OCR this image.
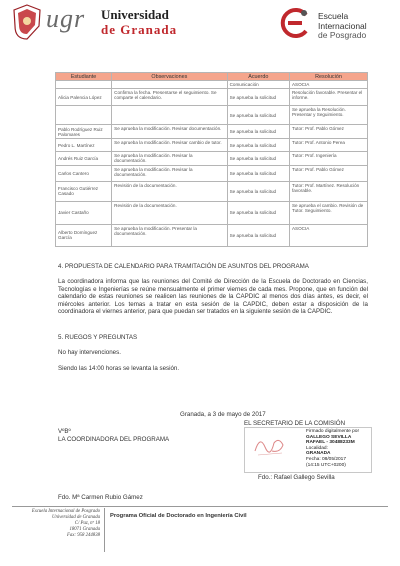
ugr Universidad
de Granada
Escuela
Internacional
de Posgrado
Estudiante	Observaciones	Acuerdo	Resolución
		Comunicación	ASOCIA
Alicia Palencia López	Confirma la fecha. Presentarse el seguimiento. Se comparte el calendario.	Se aprueba la solicitud	Resolución favorable. Presentar el informe.
		Se aprueba la solicitud	Se aprueba la Resolución. Presentar y Seguimiento.
Pablo Rodríguez Ruiz Palomares	Se aprueba la modificación. Revisar documentación.	Se aprueba la solicitud	Tutor: Prof. Pablo Gómez
Pedro L. Martínez	Se aprueba la modificación. Revisar cambio de tutor.	Se aprueba la solicitud	Tutor: Prof. Antonio Perea
Andrés Ruiz García	Se aprueba la modificación. Revisar la documentación.	Se aprueba la solicitud	Tutor: Prof. Ingeniería
Carlos Cantero	Se aprueba la modificación. Revisar la documentación.	Se aprueba la solicitud	Tutor: Prof. Pablo Gómez
Francisco Gutiérrez Casado	Revisión de la documentación.	Se aprueba la solicitud	Tutor: Prof. Martínez. Resolución favorable.
Javier Castaño	Revisión de la documentación.	Se aprueba la solicitud	Se aprueba el cambio. Revisión de Tutor. Seguimiento.
Alberto Domínguez García	Se aprueba la modificación. Presentar la documentación.	Se aprueba la solicitud	ASOCIA
4. PROPUESTA DE CALENDARIO PARA TRAMITACIÓN DE ASUNTOS DEL PROGRAMA
La coordinadora informa que las reuniones del Comité de Dirección de la Escuela de Doctorado en Ciencias, Tecnologías e Ingenierías se reúne mensualmente el primer viernes de cada mes. Propone, que en función del calendario de estas reuniones se realicen las reuniones de la CAPDIC al menos dos días antes, es decir, el miércoles anterior. Los temas a tratar en esta sesión de la CAPDIC, deben estar a disposición de la coordinadora el viernes anterior, para que puedan ser tratados en la siguiente sesión de la CAPDIC.
5. RUEGOS Y PREGUNTAS
No hay intervenciones.
Siendo las 14:00 horas se levanta la sesión.
Granada, a 3 de mayo de 2017
EL SECRETARIO DE LA COMISIÓN
VºBº
LA COORDINADORA DEL PROGRAMA
Firmado digitalmente por
GALLEGO SEVILLA
RAFAEL - 30488233M
Localidad:
GRANADA
Fecha: 08/05/2017
(14:15 UTC+0200)
Fdo.: Rafael Gallego Sevilla
Fdo. Mª Carmen Rubio Gámez
Escuela Internacional de Posgrado
Universidad de Granada
C/ Paz, nº 18
18071 Granada
Fax: 958 244838
Programa Oficial de Doctorado en Ingeniería Civil
